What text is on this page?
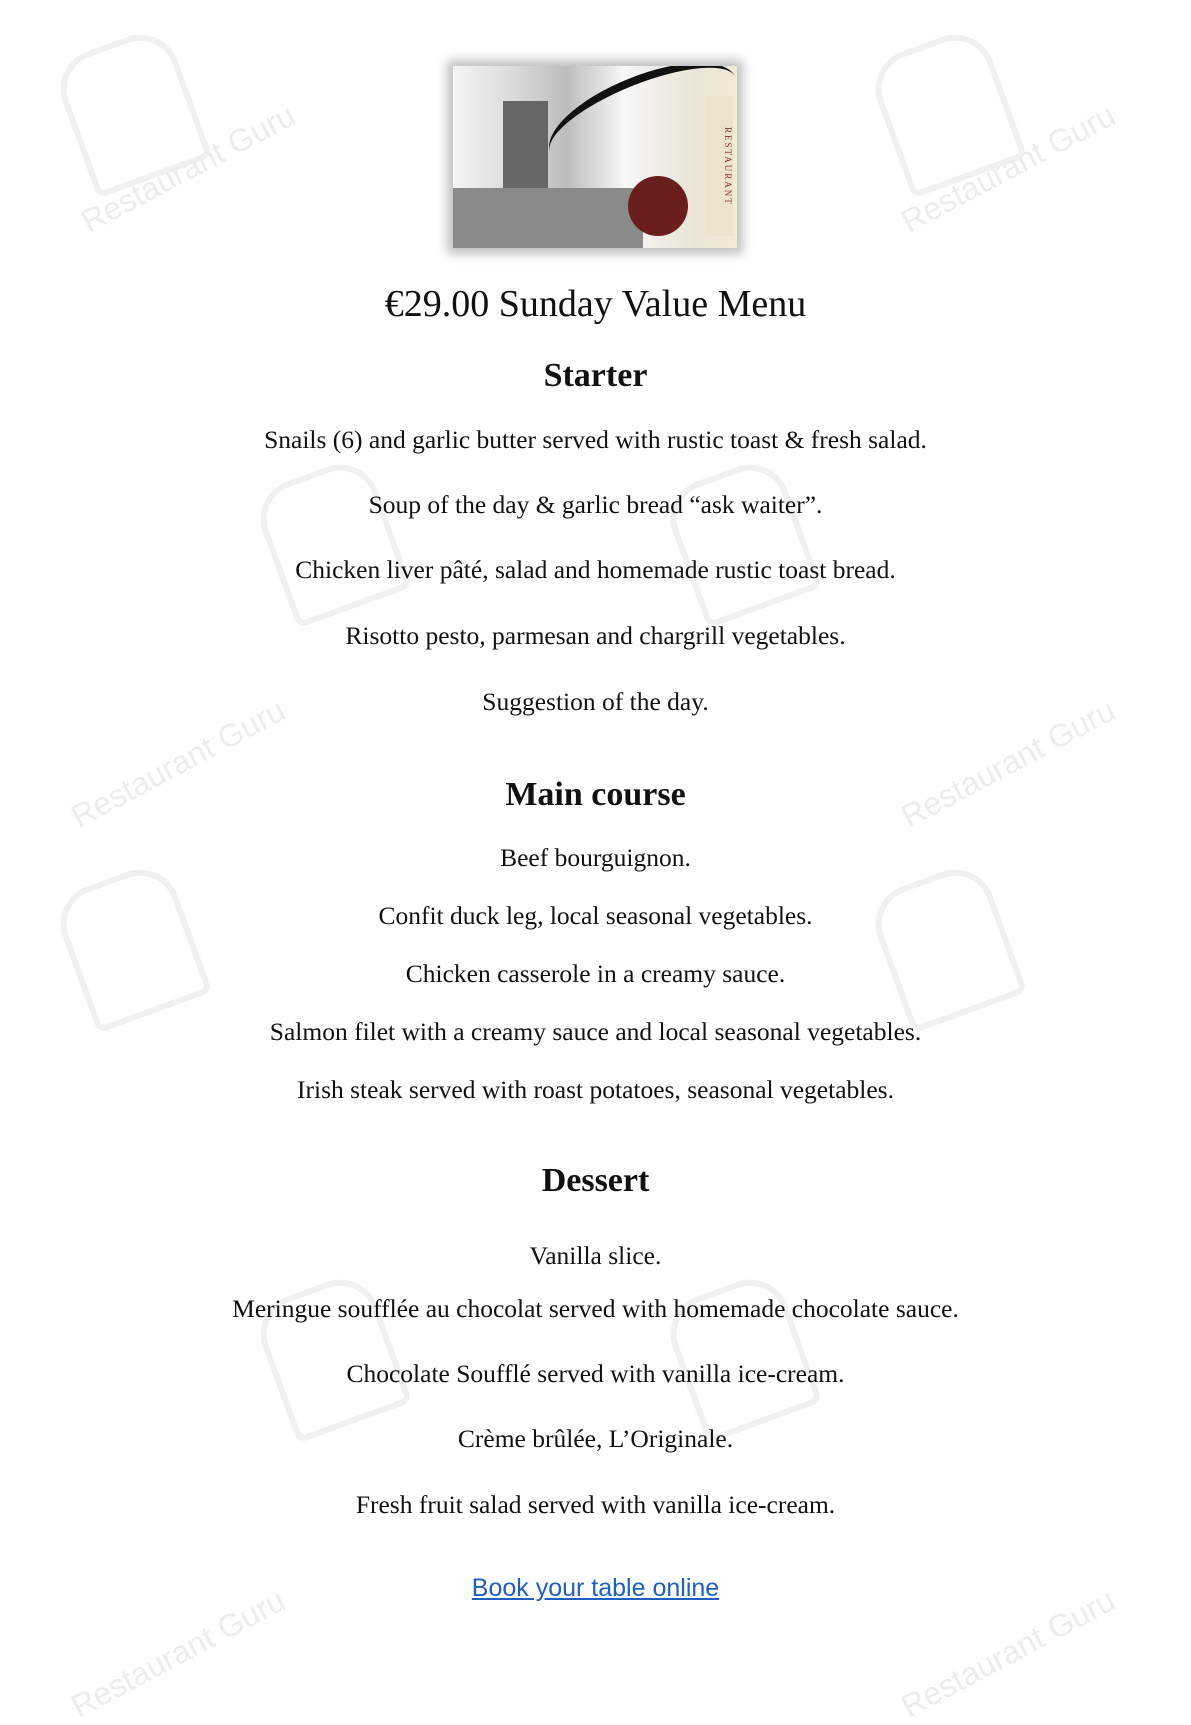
Restaurant Guru	Restaurant Guru
Restaurant Guru	Restaurant Guru
Restaurant Guru	Restaurant Guru
RESTAURANT
€29.00 Sunday Value Menu
Starter
Snails (6) and garlic butter served with rustic toast & fresh salad.
Soup of the day & garlic bread “ask waiter”.
Chicken liver pâté, salad and homemade rustic toast bread.
Risotto pesto, parmesan and chargrill vegetables.
Suggestion of the day.
Main course
Beef bourguignon.
Confit duck leg, local seasonal vegetables.
Chicken casserole in a creamy sauce.
Salmon filet with a creamy sauce and local seasonal vegetables.
Irish steak served with roast potatoes, seasonal vegetables.
Dessert
Vanilla slice.
Meringue soufflée au chocolat served with homemade chocolate sauce.
Chocolate Soufflé served with vanilla ice-cream.
Crème brûlée, L’Originale.
Fresh fruit salad served with vanilla ice-cream.
Book your table online
